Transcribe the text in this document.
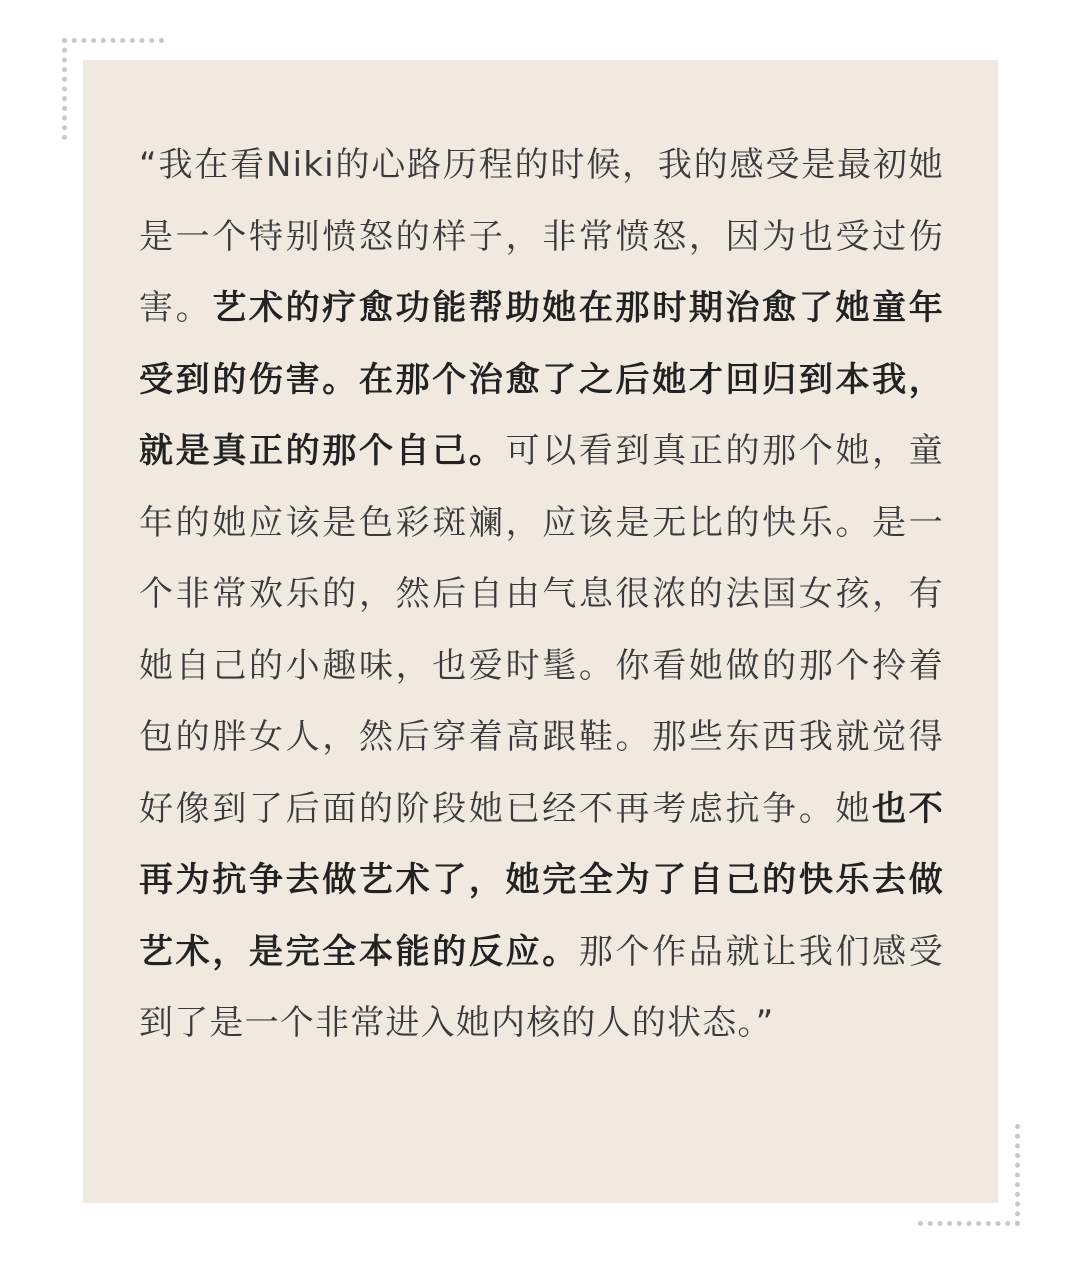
“我在看Niki的心路历程的时候，我的感受是最初她是一个特别愤怒的样子，非常愤怒，因为也受过伤害。艺术的疗愈功能帮助她在那时期治愈了她童年受到的伤害。在那个治愈了之后她才回归到本我，就是真正的那个自己。可以看到真正的那个她，童年的她应该是色彩斑斓，应该是无比的快乐。是一个非常欢乐的，然后自由气息很浓的法国女孩，有她自己的小趣味，也爱时髦。你看她做的那个拎着包的胖女人，然后穿着高跟鞋。那些东西我就觉得好像到了后面的阶段她已经不再考虑抗争。她也不再为抗争去做艺术了，她完全为了自己的快乐去做艺术，是完全本能的反应。那个作品就让我们感受到了是一个非常进入她内核的人的状态。”
